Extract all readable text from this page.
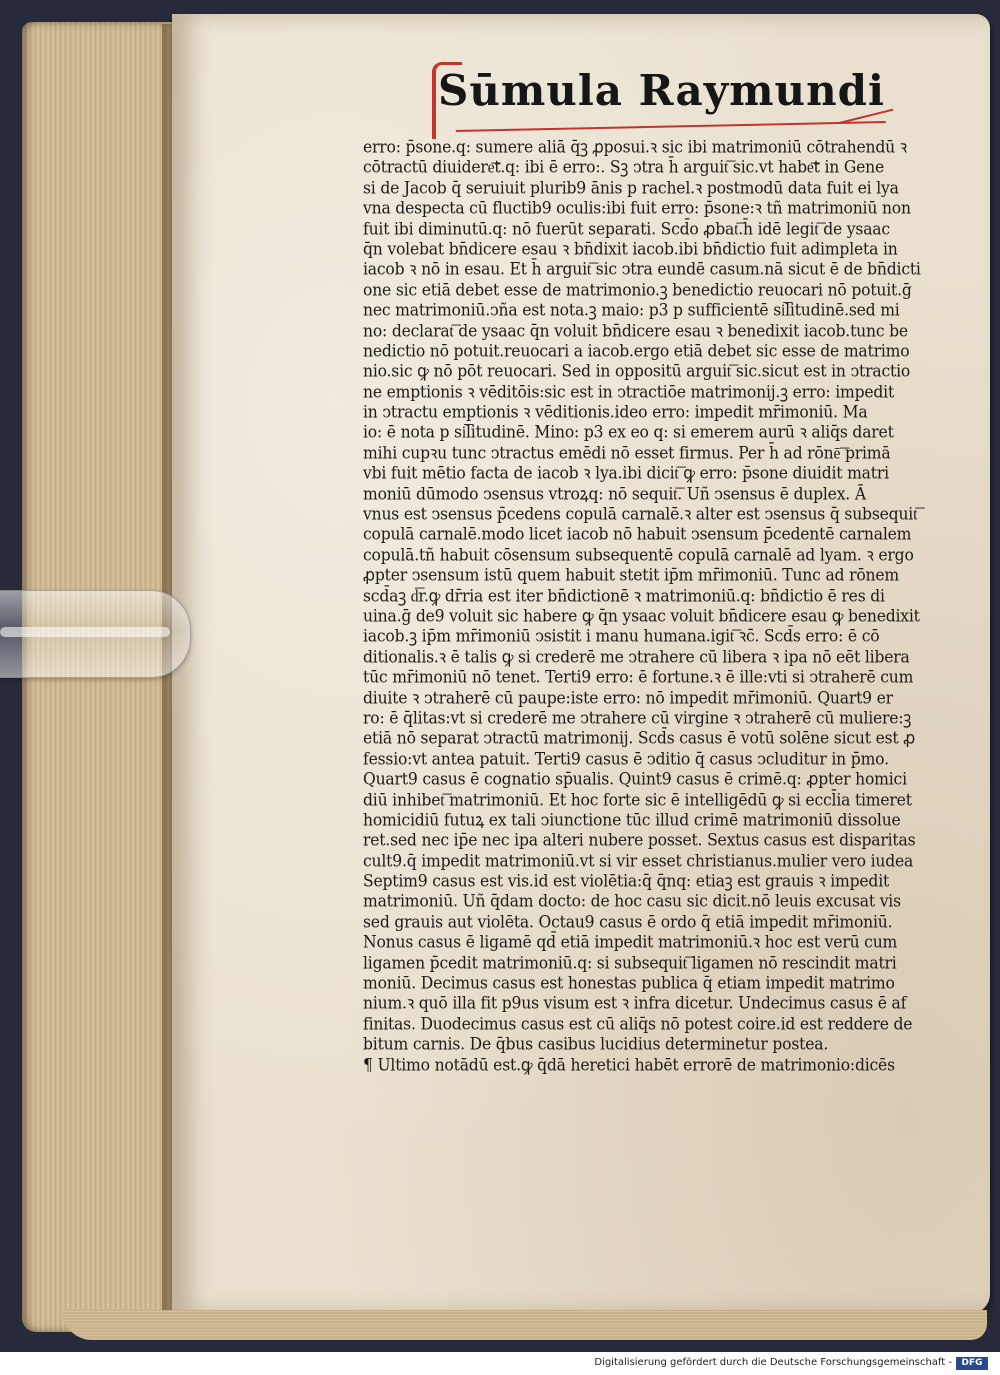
Sūmula Raymundi
erro: p̄sone.q: sumere aliā q̄ꝫ ꝓposui.ꝛ sic ibi matrimoniū cōtrahendū ꝛ
cōtractū diuidere͞t.q: ibi ē erro:. Sꝫ ↄtra h̄ arguit͞ sic.vt habe͞t in Gene
si de Jacob q̄ seruiuit plurib9 ānis p rachel.ꝛ postmodū data fuit ei lya
vna despecta cū fluctib9 oculis:ibi fuit erro: p̄sone:ꝛ tñ matrimoniū non
fuit ibi diminutū.q: nō fuerūt separati. Scd̄o ꝓbat͞.h̄ idē legit͞ de ysaac
q̄n volebat bn̄dicere esau ꝛ bn̄dixit iacob.ibi bn̄dictio fuit adimpleta in
iacob ꝛ nō in esau. Et h̄ arguit͞ sic ↄtra eundē casum.nā sicut ē de bn̄dicti
one sic etiā debet esse de matrimonio.ꝫ benedictio reuocari nō potuit.ḡ
nec matrimoniū.ↄña est nota.ꝫ maio: p3 p sufficientē si͞litudinē.sed mi
no: declarat͞ de ysaac q̄n voluit bn̄dicere esau ꝛ benedixit iacob.tunc be
nedictio nō potuit.reuocari a iacob.ergo etiā debet sic esse de matrimo
nio.sic ꝙ nō pōt reuocari. Sed in oppositū arguit͞ sic.sicut est in ↄtractio
ne emptionis ꝛ vēditōis:sic est in ↄtractiōe matrimonij.ꝫ erro: impedit
in ↄtractu emptionis ꝛ vēditionis.ideo erro: impedit mr̄imoniū. Ma
io: ē nota p si͞litudinē. Mino: p3 ex eo q: si emerem aurū ꝛ aliq̄s daret
mihi cupꝛu tunc ↄtractus emēdi nō esset firmus. Per h̄ ad rōnē͞ primā
vbi fuit mētio facta de iacob ꝛ lya.ibi dicit͞ ꝙ erro: p̄sone diuidit matri
moniū dūmodo ↄsensus vtroꝝq: nō sequit͞. Uñ ↄsensus ē duplex. Ā
vnus est ↄsensus p̄cedens copulā carnalē.ꝛ alter est ↄsensus q̄ subsequit͞
copulā carnalē.modo licet iacob nō habuit ↄsensum p̄cedentē carnalem
copulā.tñ habuit cōsensum subsequentē copulā carnalē ad lyam. ꝛ ergo
ꝓpter ↄsensum istū quem habuit stetit ip̄m mr̄imoniū. Tunc ad rōnem
scd̄aꝫ d͞r.ꝙ dr̄ria est iter bn̄dictionē ꝛ matrimoniū.q: bn̄dictio ē res di
uina.ḡ de9 voluit sic habere ꝙ q̄n ysaac voluit bn̄dicere esau ꝙ benedixit
iacob.ꝫ ip̄m mr̄imoniū ↄsistit i manu humana.igit͞ ꝛc̄. Scd̄s erro: ē cō
ditionalis.ꝛ ē talis ꝙ si crederē me ↄtrahere cū libera ꝛ ipa nō eēt libera
tūc mr̄imoniū nō tenet. Terti9 erro: ē fortune.ꝛ ē ille:vti si ↄtraherē cum
diuite ꝛ ↄtraherē cū paupe:iste erro: nō impedit mr̄imoniū. Quart9 er
ro: ē q̄litas:vt si crederē me ↄtrahere cū virgine ꝛ ↄtraherē cū muliere:ꝫ
etiā nō separat ↄtractū matrimonij. Scd̄s casus ē votū solēne sicut est ꝓ
fessio:vt antea patuit. Terti9 casus ē ↄditio q̄ casus ↄcluditur in p̄mo.
Quart9 casus ē cognatio sp̄ualis. Quint9 casus ē crimē.q: ꝓpter homici
diū inhibet͞ matrimoniū. Et hoc forte sic ē intelligēdū ꝙ si eccl̄ia timeret
homicidiū futuꝝ ex tali ↄiunctione tūc illud crimē matrimoniū dissolue
ret.sed nec ip̄e nec ipa alteri nubere posset. Sextus casus est disparitas
cult9.q̄ impedit matrimoniū.vt si vir esset christianus.mulier vero iudea
Septim9 casus est vis.id est violētia:q̄ q̄nq: etiaꝫ est grauis ꝛ impedit
matrimoniū. Uñ q̄dam docto: de hoc casu sic dicit.nō leuis excusat vis
sed grauis aut violēta. Octau9 casus ē ordo q̄ etiā impedit mr̄imoniū.
Nonus casus ē ligamē qd̄ etiā impedit matrimoniū.ꝛ hoc est verū cum
ligamen p̄cedit matrimoniū.q: si subsequit͞ ligamen nō rescindit matri
moniū. Decimus casus est honestas publica q̄ etiam impedit matrimo
nium.ꝛ quō illa fit p9us visum est ꝛ infra dicetur. Undecimus casus ē af
finitas. Duodecimus casus est cū aliq̄s nō potest coire.id est reddere de
bitum carnis. De q̄bus casibus lucidius determinetur postea.
¶ Ultimo notādū est.ꝙ q̄dā heretici habēt errorē de matrimonio:dicēs
Digitalisierung gefördert durch die Deutsche Forschungsgemeinschaft -	DFG
